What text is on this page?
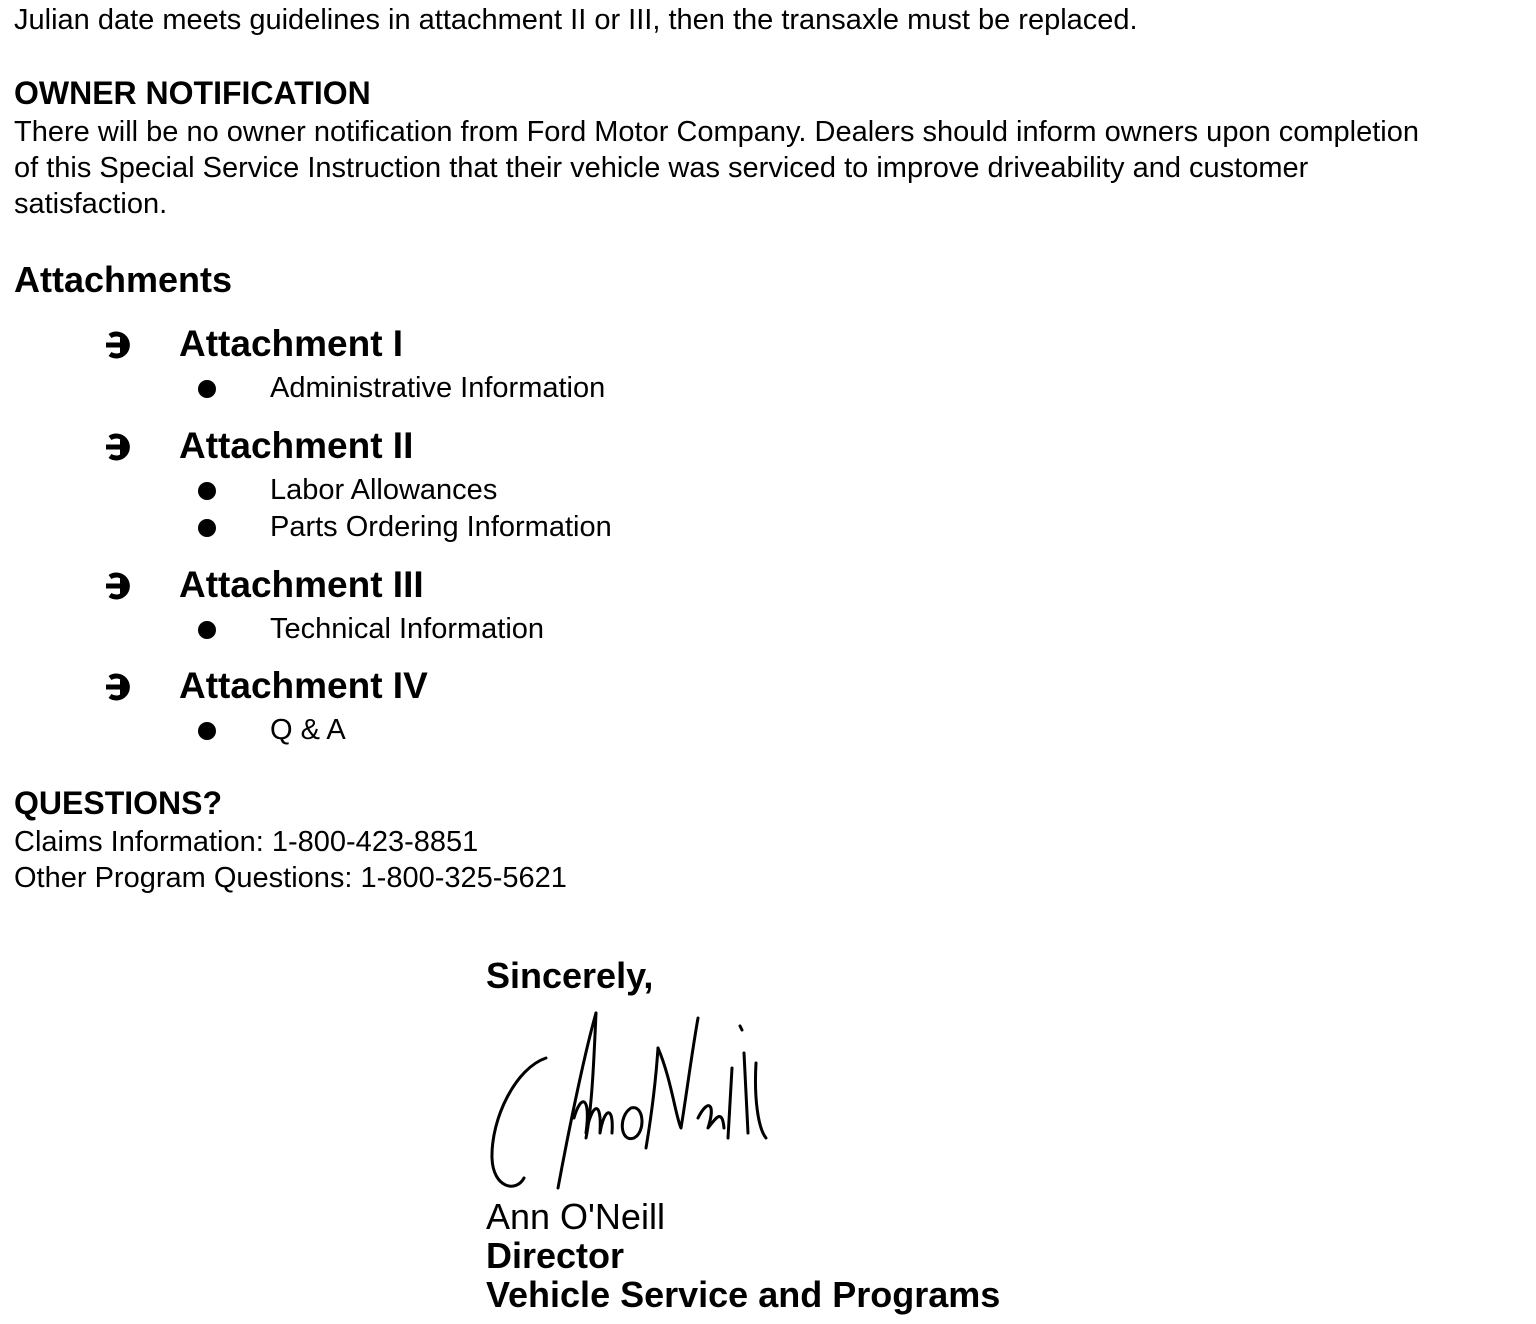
Julian date meets guidelines in attachment II or III, then the transaxle must be replaced.

OWNER NOTIFICATION

There will be no owner notification from Ford Motor Company. Dealers should inform owners upon completion

of this Special Service Instruction that their vehicle was serviced to improve driveability and customer

satisfaction.

Attachments

Attachment I

Administrative Information

Attachment II

Labor Allowances

Parts Ordering Information

Attachment III

Technical Information

Attachment IV

Q & A

QUESTIONS?

Claims Information: 1-800-423-8851

Other Program Questions: 1-800-325-5621

Sincerely,

Ann O'Neill

Director

Vehicle Service and Programs
